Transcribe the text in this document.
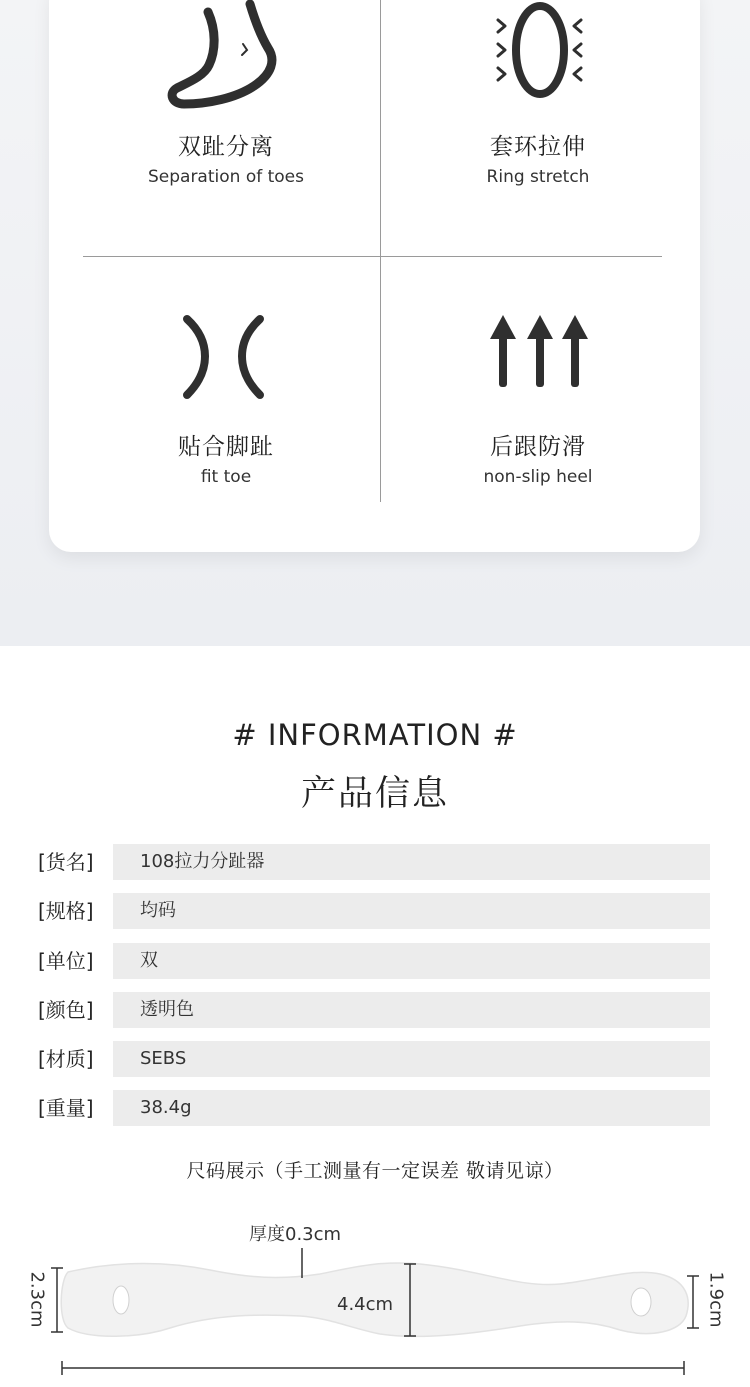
双趾分离
Separation of toes
套环拉伸
Ring stretch
贴合脚趾
fit toe
后跟防滑
non-slip heel
# INFORMATION #
产品信息
[货名]	108拉力分趾器
[规格]	均码
[单位]	双
[颜色]	透明色
[材质]	SEBS
[重量]	38.4g
尺码展示（手工测量有一定误差 敬请见谅）
厚度0.3cm
4.4cm
2.3cm	1.9cm
